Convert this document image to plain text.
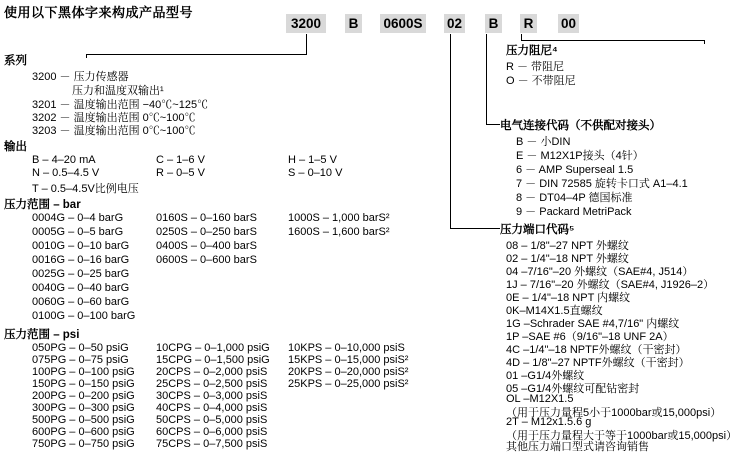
使用以下黑体字来构成产品型号
3200	B 0600S 02 B R 00
系列
3200 － 压力传感器
压力和温度双输出¹
3201 － 温度输出范围 −40℃~125℃
3202 － 温度输出范围 0℃~100℃
3203 － 温度输出范围 0℃~100℃
输出
B – 4–20 mA
N – 0.5–4.5 V
T – 0.5–4.5V比例电压
C – 1–6 V
R – 0–5 V
H – 1–5 V
S – 0–10 V
压力范围 – bar
0004G – 0–4 barG
0005G – 0–5 barG
0010G – 0–10 barG
0016G – 0–16 barG
0025G – 0–25 barG
0040G – 0–40 barG
0060G – 0–60 barG
0100G – 0–100 barG
0160S – 0–160 barS
0250S – 0–250 barS
0400S – 0–400 barS
0600S – 0–600 barS
1000S – 1,000 barS²
1600S – 1,600 barS²
压力范围 – psi
050PG – 0–50 psiG
075PG – 0–75 psiG
100PG – 0–100 psiG
150PG – 0–150 psiG
200PG – 0–200 psiG
300PG – 0–300 psiG
500PG – 0–500 psiG
600PG – 0–600 psiG
750PG – 0–750 psiG
10CPG – 0–1,000 psiG
15CPG – 0–1,500 psiG
20CPS – 0–2,000 psiS
25CPS – 0–2,500 psiS
30CPS – 0–3,000 psiS
40CPS – 0–4,000 psiS
50CPS – 0–5,000 psiS
60CPS – 0–6,000 psiS
75CPS – 0–7,500 psiS
10KPS – 0–10,000 psiS
15KPS – 0–15,000 psiS²
20KPS – 0–20,000 psiS²
25KPS – 0–25,000 psiS²
压力阻尼⁴
R － 带阻尼
O － 不带阻尼
电气连接代码（不供配对接头）
B － 小DIN
E － M12X1P接头（4针）
6 － AMP Superseal 1.5
7 － DIN 72585 旋转卡口式 A1–4.1
8 － DT04–4P 德国标准
9 － Packard MetriPack
压力端口代码⁵
08 – 1/8"–27 NPT 外螺纹
02 – 1/4"–18 NPT 外螺纹
04 –7/16"–20 外螺纹（SAE#4, J514）
1J – 7/16"–20 外螺纹（SAE#4, J1926–2）
0E – 1/4"–18 NPT 内螺纹
0K–M14X1.5直螺纹
1G –Schrader SAE #4,7/16" 内螺纹
1P –SAE #6（9/16"–18 UNF 2A）
4C –1/4"–18 NPTF外螺纹（干密封）
4D – 1/8"–27 NPTF外螺纹（干密封）
01 –G1/4外螺纹
05 –G1/4外螺纹可配钻密封
OL –M12X1.5
（用于压力量程5小于1000bar或15,000psi）
2T – M12x1.5.6 g
（用于压力量程大于等于1000bar或15,000psi）
其他压力端口型式请咨询销售
